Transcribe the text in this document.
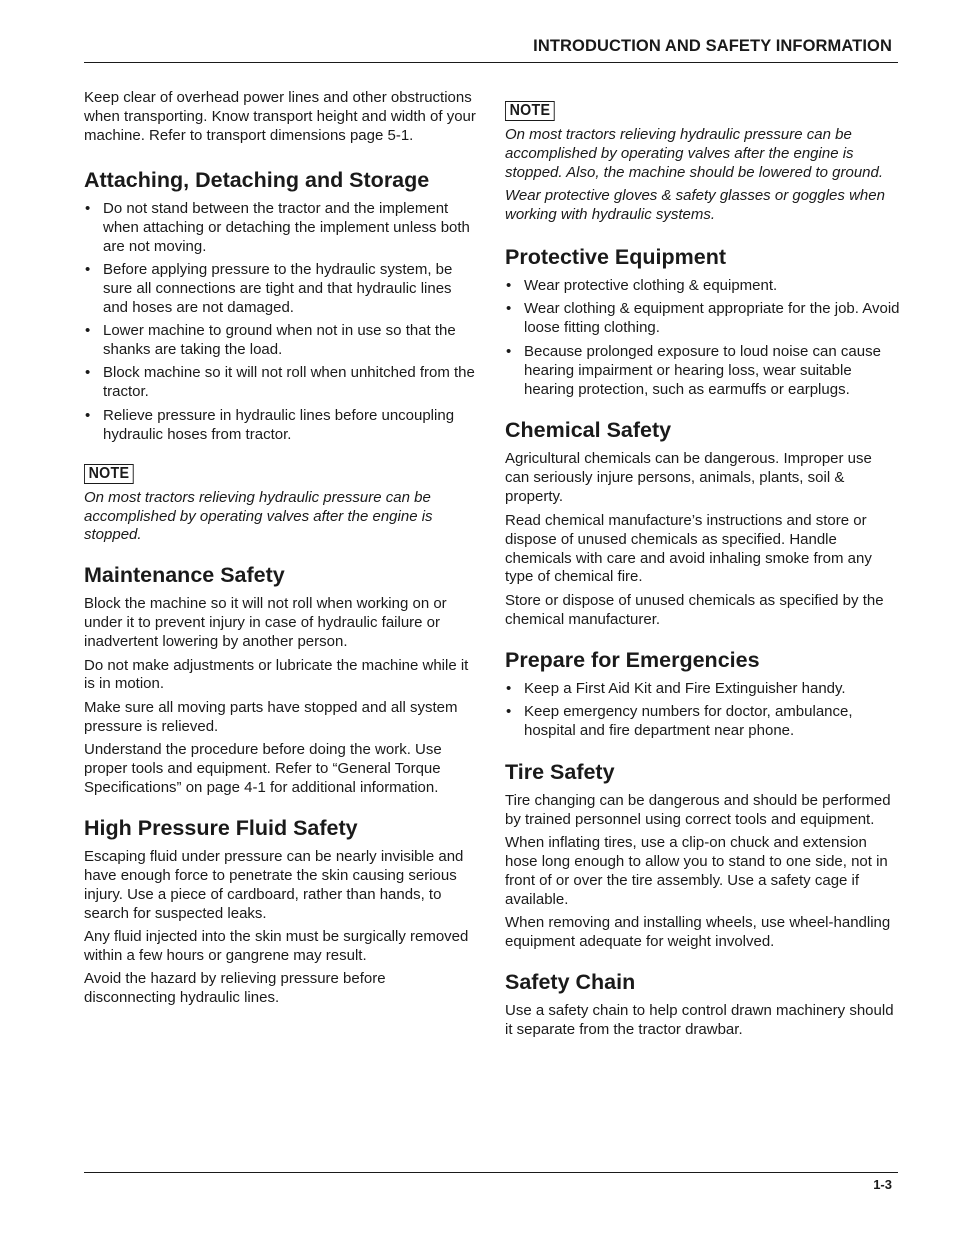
INTRODUCTION AND SAFETY INFORMATION

Keep clear of overhead power lines and other obstructions when transporting. Know transport height and width of your machine. Refer to transport dimensions page 5-1.

Attaching, Detaching and Storage
• Do not stand between the tractor and the implement when attaching or detaching the implement unless both are not moving.
• Before applying pressure to the hydraulic system, be sure all connections are tight and that hydraulic lines and hoses are not damaged.
• Lower machine to ground when not in use so that the shanks are taking the load.
• Block machine so it will not roll when unhitched from the tractor.
• Relieve pressure in hydraulic lines before uncoupling hydraulic hoses from tractor.
NOTE

On most tractors relieving hydraulic pressure can be accomplished by operating valves after the engine is stopped.

Maintenance Safety

Block the machine so it will not roll when working on or under it to prevent injury in case of hydraulic failure or inadvertent lowering by another person.

Do not make adjustments or lubricate the machine while it is in motion.

Make sure all moving parts have stopped and all system pressure is relieved.

Understand the procedure before doing the work. Use proper tools and equipment. Refer to “General Torque Specifications” on page 4-1 for additional information.

High Pressure Fluid Safety

Escaping fluid under pressure can be nearly invisible and have enough force to penetrate the skin causing serious injury. Use a piece of cardboard, rather than hands, to search for suspected leaks.

Any fluid injected into the skin must be surgically removed within a few hours or gangrene may result.

Avoid the hazard by relieving pressure before disconnecting hydraulic lines.

NOTE

On most tractors relieving hydraulic pressure can be accomplished by operating valves after the engine is stopped. Also, the machine should be lowered to ground.

Wear protective gloves & safety glasses or goggles when working with hydraulic systems.

Protective Equipment
• Wear protective clothing & equipment.
• Wear clothing & equipment appropriate for the job. Avoid loose fitting clothing.
• Because prolonged exposure to loud noise can cause hearing impairment or hearing loss, wear suitable hearing protection, such as earmuffs or earplugs.
Chemical Safety

Agricultural chemicals can be dangerous. Improper use can seriously injure persons, animals, plants, soil & property.

Read chemical manufacture’s instructions and store or dispose of unused chemicals as specified. Handle chemicals with care and avoid inhaling smoke from any type of chemical fire.

Store or dispose of unused chemicals as specified by the chemical manufacturer.

Prepare for Emergencies
• Keep a First Aid Kit and Fire Extinguisher handy.
• Keep emergency numbers for doctor, ambulance, hospital and fire department near phone.
Tire Safety

Tire changing can be dangerous and should be performed by trained personnel using correct tools and equipment.

When inflating tires, use a clip-on chuck and extension hose long enough to allow you to stand to one side, not in front of or over the tire assembly. Use a safety cage if available.

When removing and installing wheels, use wheel-handling equipment adequate for weight involved.

Safety Chain

Use a safety chain to help control drawn machinery should it separate from the tractor drawbar.

1-3
